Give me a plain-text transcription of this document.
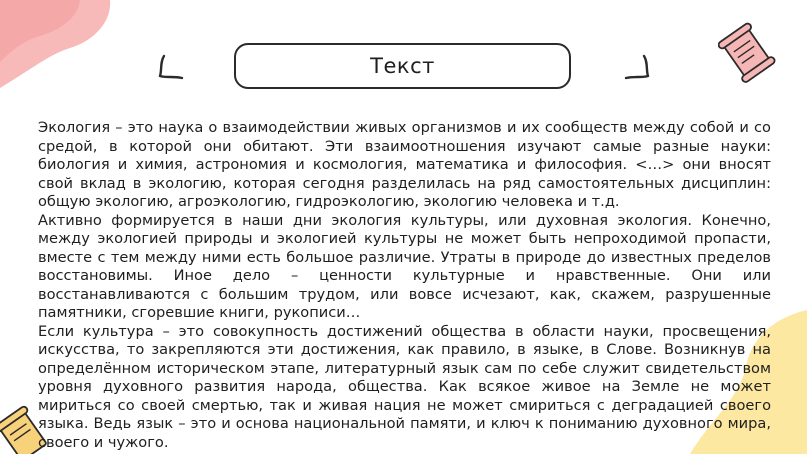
Текст

Экология – это наука о взаимодействии живых организмов и их сообществ между собой и со средой, в которой они обитают. Эти взаимоотношения изучают самые разные науки: биология и химия, астрономия и космология, математика и философия. <…> они вносят свой вклад в экологию, которая сегодня разделилась на ряд самостоятельных дисциплин: общую экологию, агроэкологию, гидроэкологию, экологию человека и т.д.

Активно формируется в наши дни экология культуры, или духовная экология. Конечно, между экологией природы и экологией культуры не может быть непроходимой пропасти, вместе с тем между ними есть большое различие. Утраты в природе до известных пределов восстановимы. Иное дело – ценности культурные и нравственные. Они или восстанавливаются с большим трудом, или вовсе исчезают, как, скажем, разрушенные памятники, сгоревшие книги, рукописи…

Если культура – это совокупность достижений общества в области науки, просвещения, искусства, то закрепляются эти достижения, как правило, в языке, в Слове. Возникнув на определённом историческом этапе, литературный язык сам по себе служит свидетельством уровня духовного развития народа, общества. Как всякое живое на Земле не может мириться со своей смертью, так и живая нация не может смириться с деградацией своего языка. Ведь язык – это и основа национальной памяти, и ключ к пониманию духовного мира, своего и чужого.
